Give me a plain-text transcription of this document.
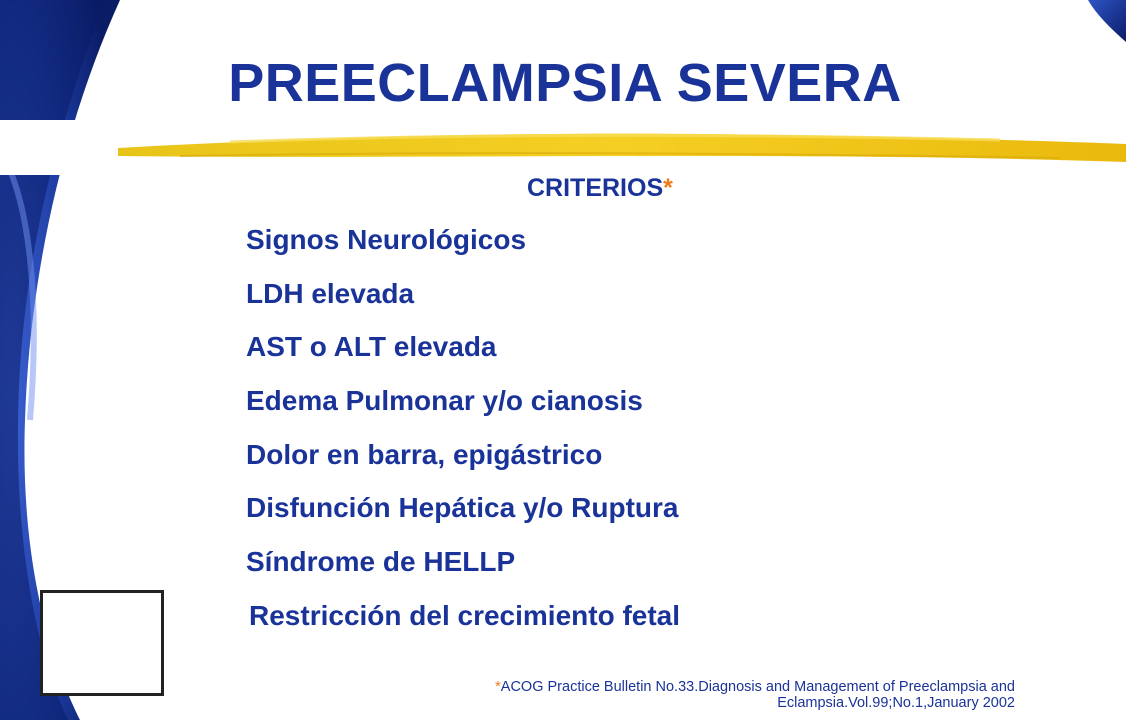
PREECLAMPSIA SEVERA
CRITERIOS*
Signos Neurológicos
LDH elevada
AST o ALT elevada
Edema Pulmonar y/o cianosis
Dolor en barra, epigástrico
Disfunción Hepática y/o Ruptura
Síndrome de HELLP
Restricción del crecimiento fetal
*ACOG Practice Bulletin No.33.Diagnosis and Management of Preeclampsia and
Eclampsia.Vol.99;No.1,January 2002
